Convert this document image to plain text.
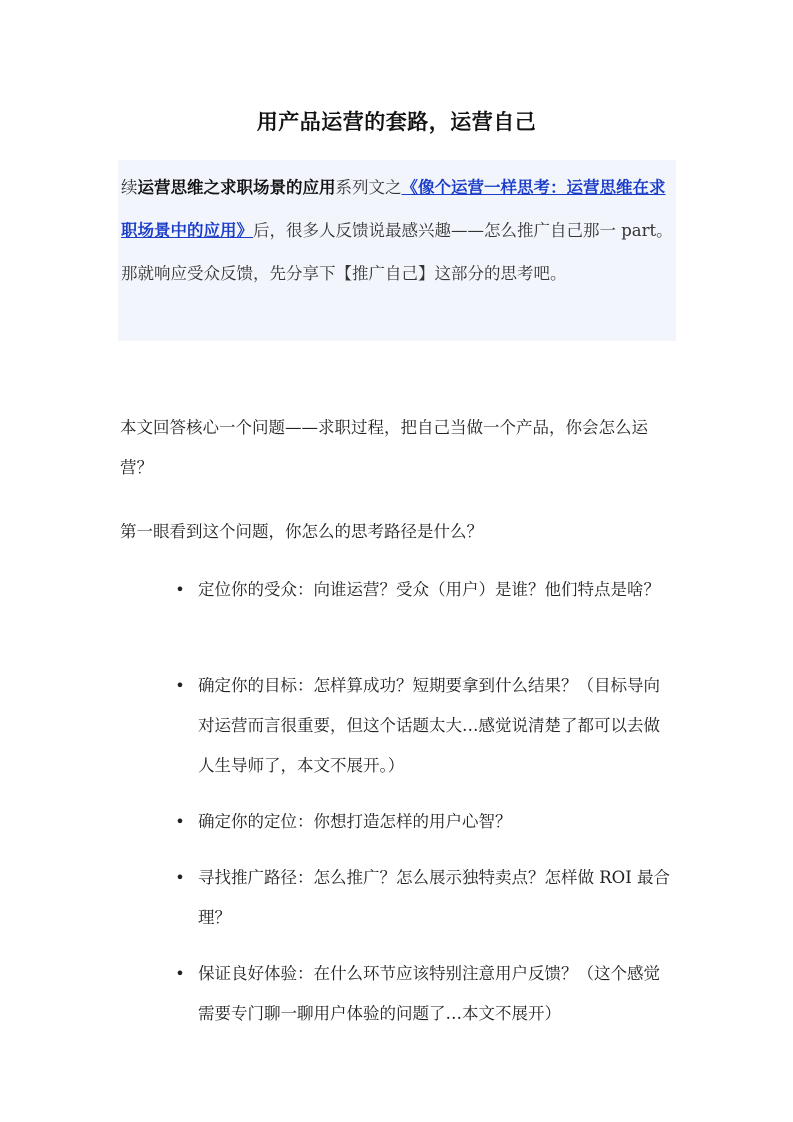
用产品运营的套路，运营自己

续运营思维之求职场景的应用系列文之《像个运营一样思考：运营思维在求职场景中的应用》后，很多人反馈说最感兴趣——怎么推广自己那一 part。那就响应受众反馈，先分享下【推广自己】这部分的思考吧。

本文回答核心一个问题——求职过程，把自己当做一个产品，你会怎么运营？

第一眼看到这个问题，你怎么的思考路径是什么？

• 定位你的受众：向谁运营？受众（用户）是谁？他们特点是啥？
• 确定你的目标：怎样算成功？短期要拿到什么结果？（目标导向对运营而言很重要，但这个话题太大…感觉说清楚了都可以去做人生导师了，本文不展开。）
• 确定你的定位：你想打造怎样的用户心智？
• 寻找推广路径：怎么推广？怎么展示独特卖点？怎样做 ROI 最合理？
• 保证良好体验：在什么环节应该特别注意用户反馈？（这个感觉需要专门聊一聊用户体验的问题了…本文不展开）
